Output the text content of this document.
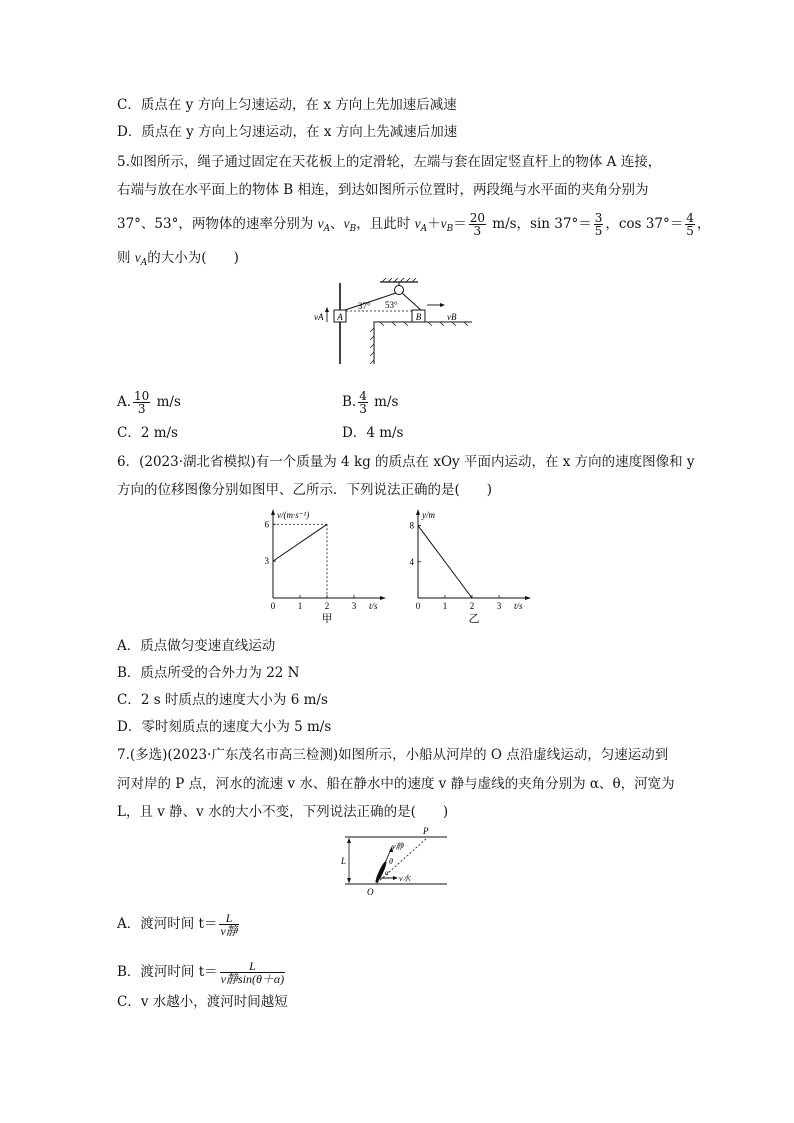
C．质点在 y 方向上匀速运动，在 x 方向上先加速后减速
D．质点在 y 方向上匀速运动，在 x 方向上先减速后加速
5.如图所示，绳子通过固定在天花板上的定滑轮，左端与套在固定竖直杆上的物体 A 连接，
右端与放在水平面上的物体 B 相连，到达如图所示位置时，两段绳与水平面的夹角分别为
37°、53°，两物体的速率分别为 $v_A$、$v_B$，且此时 $v_A+v_B= \frac{20}{3} m/s$，$\sin 37^\circ= \frac{3}{5}$ ，$\cos 37^\circ= \frac{4}{5}$ ，
则 $v_A$的大小为(　　)
A
vA
37° 53°
B	vB
A. $\frac{10}{3} m/s$	B. $\frac{4}{3} m/s$
C．2 m/s	D．4 m/s
6．(2023·湖北省模拟)有一个质量为 4 kg 的质点在 xOy 平面内运动，在 x 方向的速度图像和 y
方向的位移图像分别如图甲、乙所示．下列说法正确的是(　　)
0	1	2	3
3
6
v/(m·s⁻¹)
t/s
甲
0	1	2	3
4
8
y/m
t/s
乙
A．质点做匀变速直线运动
B．质点所受的合外力为 22 N
C．2 s 时质点的速度大小为 6 m/s
D．零时刻质点的速度大小为 5 m/s
7.(多选)(2023·广东茂名市高三检测)如图所示，小船从河岸的 O 点沿虚线运动，匀速运动到
河对岸的 P 点，河水的流速 v 水、船在静水中的速度 v 静与虚线的夹角分别为 α、θ，河宽为
L，且 v 静、v 水的大小不变，下列说法正确的是(　　)
L
P
v静
θ
α
v水
O
A．渡河时间 $t= \frac{L}{\text{v静}}$
B．渡河时间 $t= \frac{L}{\text{v静sin(θ＋α)}}$
C．v 水越小，渡河时间越短
